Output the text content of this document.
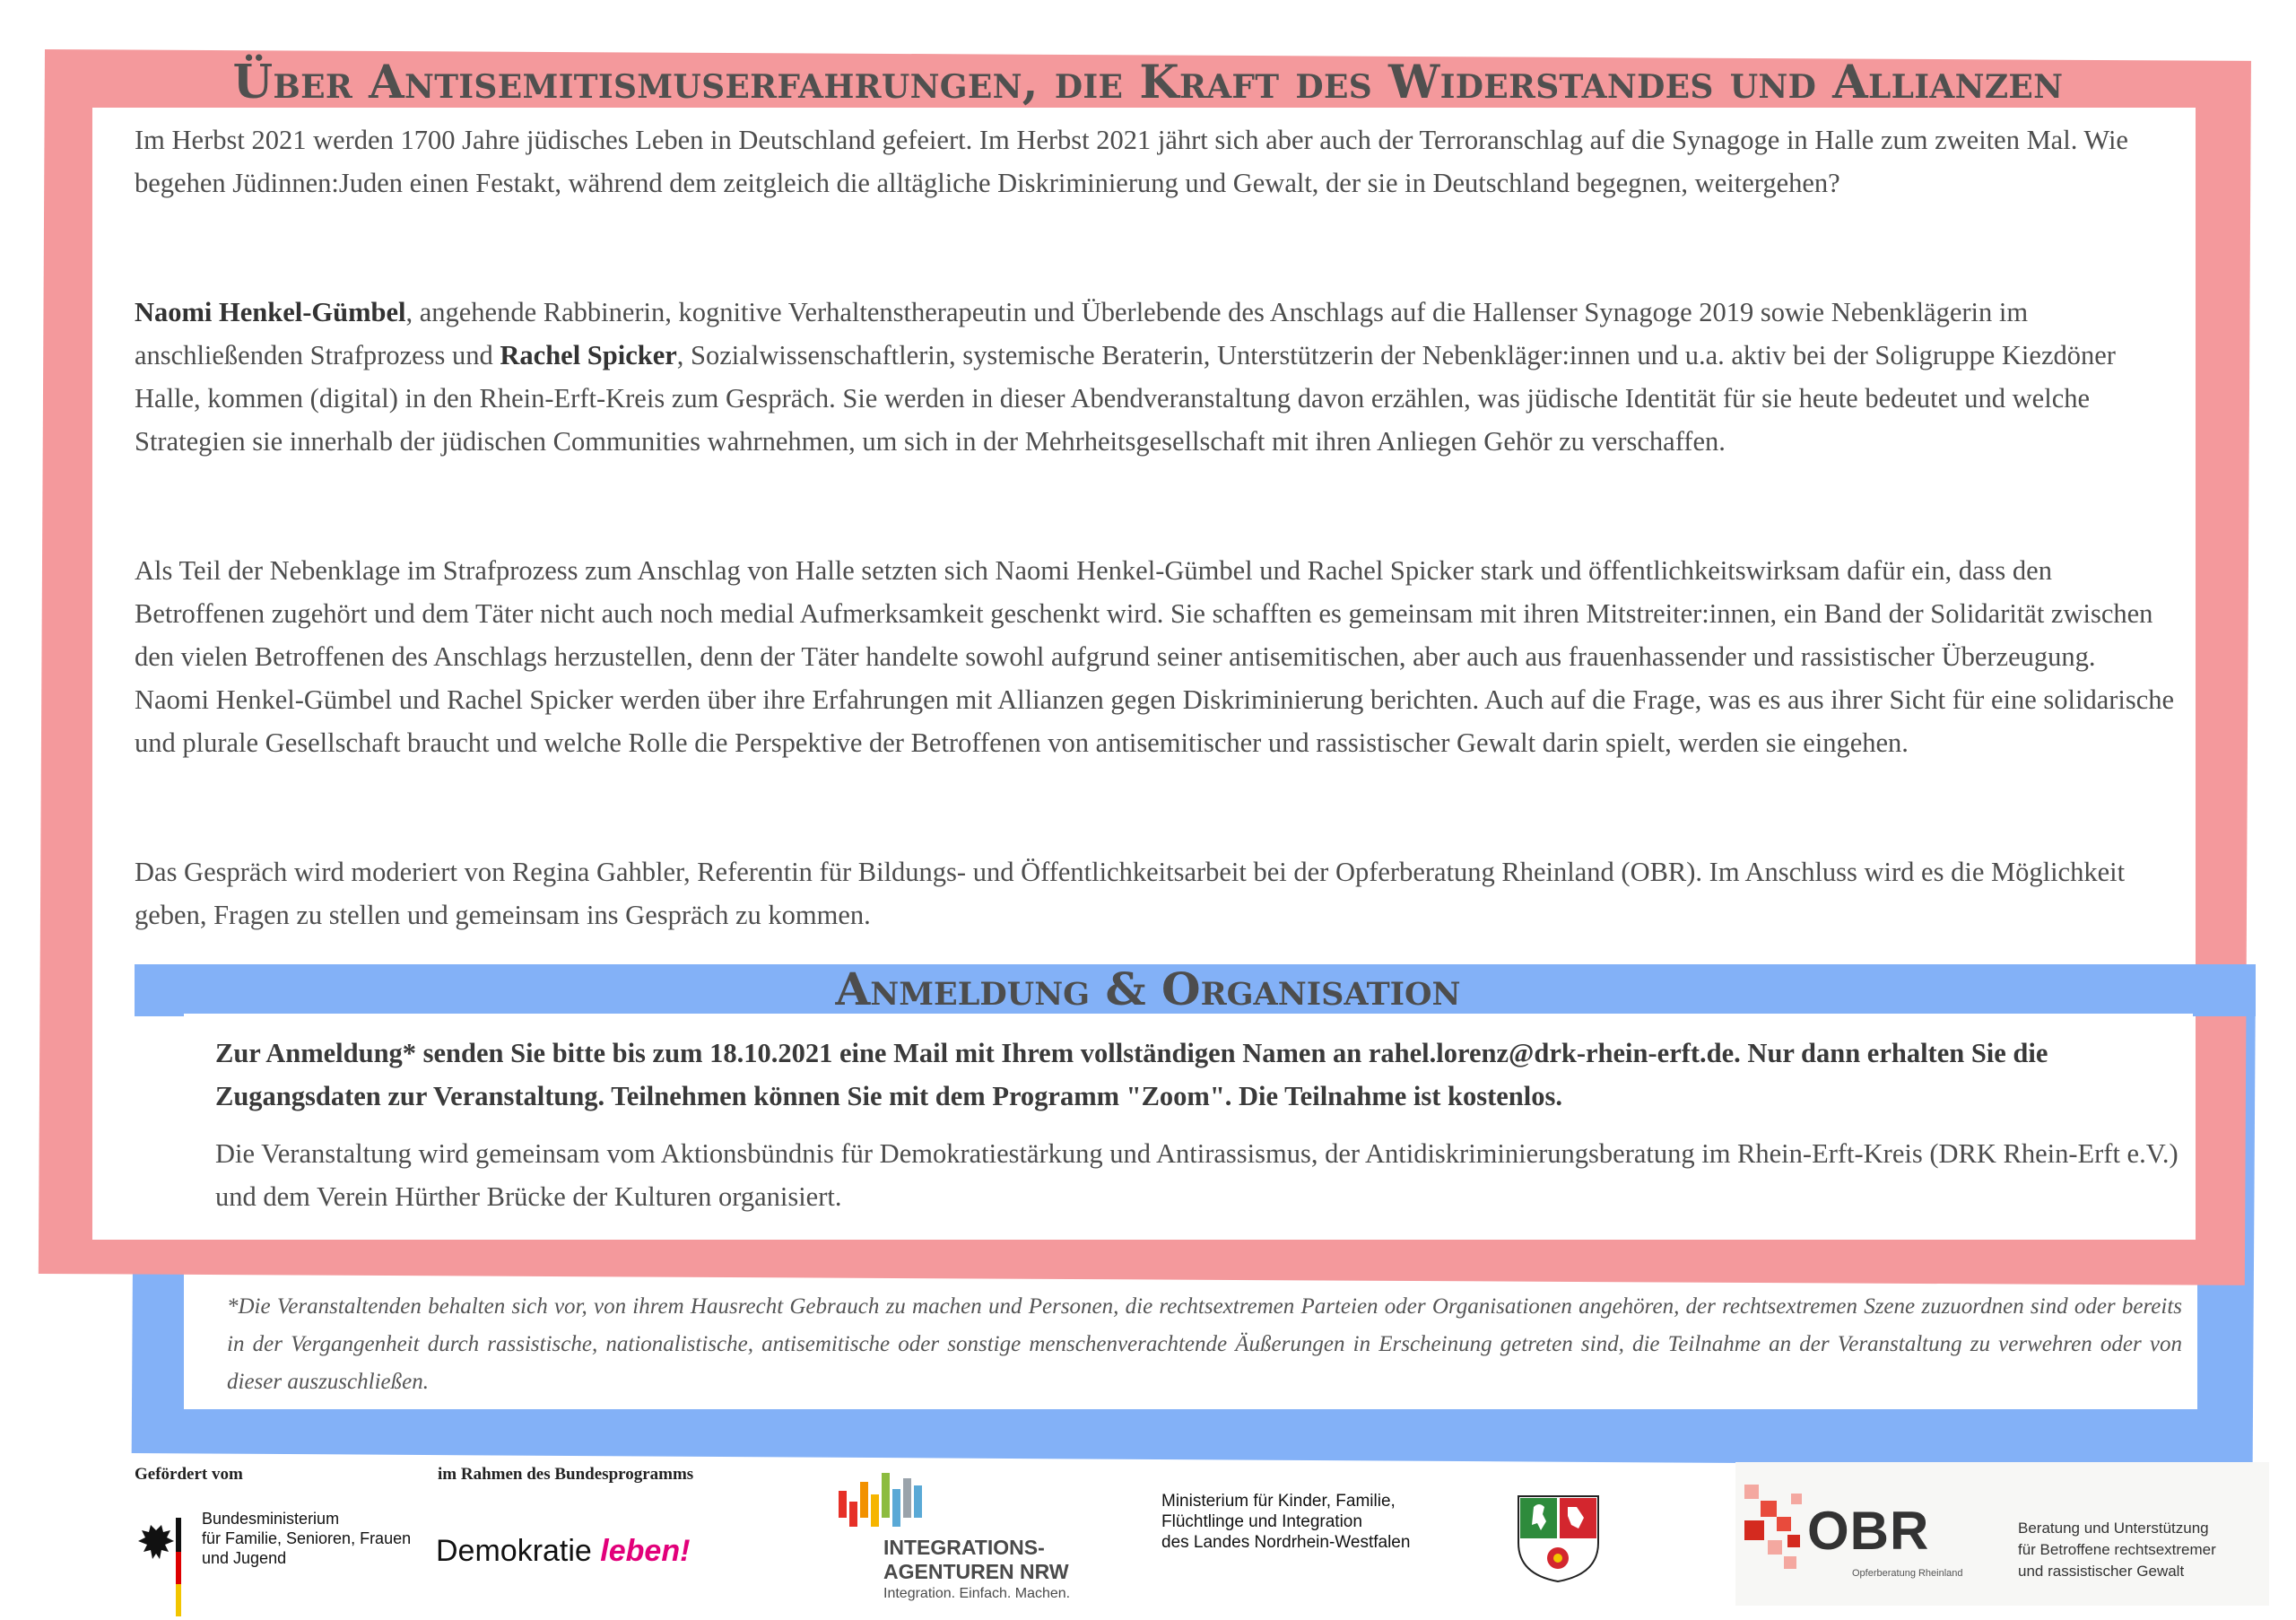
Über Antisemitismuserfahrungen, die Kraft des Widerstandes und Allianzen
Im Herbst 2021 werden 1700 Jahre jüdisches Leben in Deutschland gefeiert. Im Herbst 2021 jährt sich aber auch der Terroranschlag auf die Synagoge in Halle zum zweiten Mal. Wie begehen Jüdinnen:Juden einen Festakt, während dem zeitgleich die alltägliche Diskriminierung und Gewalt, der sie in Deutschland begegnen, weitergehen?
Naomi Henkel-Gümbel, angehende Rabbinerin, kognitive Verhaltenstherapeutin und Überlebende des Anschlags auf die Hallenser Synagoge 2019 sowie Nebenklägerin im anschließenden Strafprozess und Rachel Spicker, Sozialwissenschaftlerin, systemische Beraterin, Unterstützerin der Nebenkläger:innen und u.a. aktiv bei der Soligruppe Kiezdöner Halle, kommen (digital) in den Rhein-Erft-Kreis zum Gespräch. Sie werden in dieser Abendveranstaltung davon erzählen, was jüdische Identität für sie heute bedeutet und welche Strategien sie innerhalb der jüdischen Communities wahrnehmen, um sich in der Mehrheitsgesellschaft mit ihren Anliegen Gehör zu verschaffen.
Als Teil der Nebenklage im Strafprozess zum Anschlag von Halle setzten sich Naomi Henkel-Gümbel und Rachel Spicker stark und öffentlichkeitswirksam dafür ein, dass den Betroffenen zugehört und dem Täter nicht auch noch medial Aufmerksamkeit geschenkt wird. Sie schafften es gemeinsam mit ihren Mitstreiter:innen, ein Band der Solidarität zwischen den vielen Betroffenen des Anschlags herzustellen, denn der Täter handelte sowohl aufgrund seiner antisemitischen, aber auch aus frauenhassender und rassistischer Überzeugung. Naomi Henkel-Gümbel und Rachel Spicker werden über ihre Erfahrungen mit Allianzen gegen Diskriminierung berichten. Auch auf die Frage, was es aus ihrer Sicht für eine solidarische und plurale Gesellschaft braucht und welche Rolle die Perspektive der Betroffenen von antisemitischer und rassistischer Gewalt darin spielt, werden sie eingehen.
Das Gespräch wird moderiert von Regina Gahbler, Referentin für Bildungs- und Öffentlichkeitsarbeit bei der Opferberatung Rheinland (OBR). Im Anschluss wird es die Möglichkeit geben, Fragen zu stellen und gemeinsam ins Gespräch zu kommen.
Anmeldung & Organisation
Zur Anmeldung* senden Sie bitte bis zum 18.10.2021 eine Mail mit Ihrem vollständigen Namen an rahel.lorenz@drk-rhein-erft.de. Nur dann erhalten Sie die Zugangsdaten zur Veranstaltung. Teilnehmen können Sie mit dem Programm "Zoom". Die Teilnahme ist kostenlos.
Die Veranstaltung wird gemeinsam vom Aktionsbündnis für Demokratiestärkung und Antirassismus, der Antidiskriminierungsberatung im Rhein-Erft-Kreis (DRK Rhein-Erft e.V.) und dem Verein Hürther Brücke der Kulturen organisiert.
*Die Veranstaltenden behalten sich vor, von ihrem Hausrecht Gebrauch zu machen und Personen, die rechtsextremen Parteien oder Organisationen angehören, der rechtsextremen Szene zuzuordnen sind oder bereits in der Vergangenheit durch rassistische, nationalistische, antisemitische oder sonstige menschenverachtende Äußerungen in Erscheinung getreten sind, die Teilnahme an der Veranstaltung zu verwehren oder von dieser auszuschließen.
Gefördert vom
Bundesministerium
für Familie, Senioren, Frauen
und Jugend
im Rahmen des Bundesprogramms
Demokratie leben!	INTEGRATIONS-
AGENTUREN NRW
Integration. Einfach. Machen.
Ministerium für Kinder, Familie,
Flüchtlinge und Integration
des Landes Nordrhein-Westfalen	OBR
Opferberatung Rheinland
Beratung und Unterstützung
für Betroffene rechtsextremer
und rassistischer Gewalt
